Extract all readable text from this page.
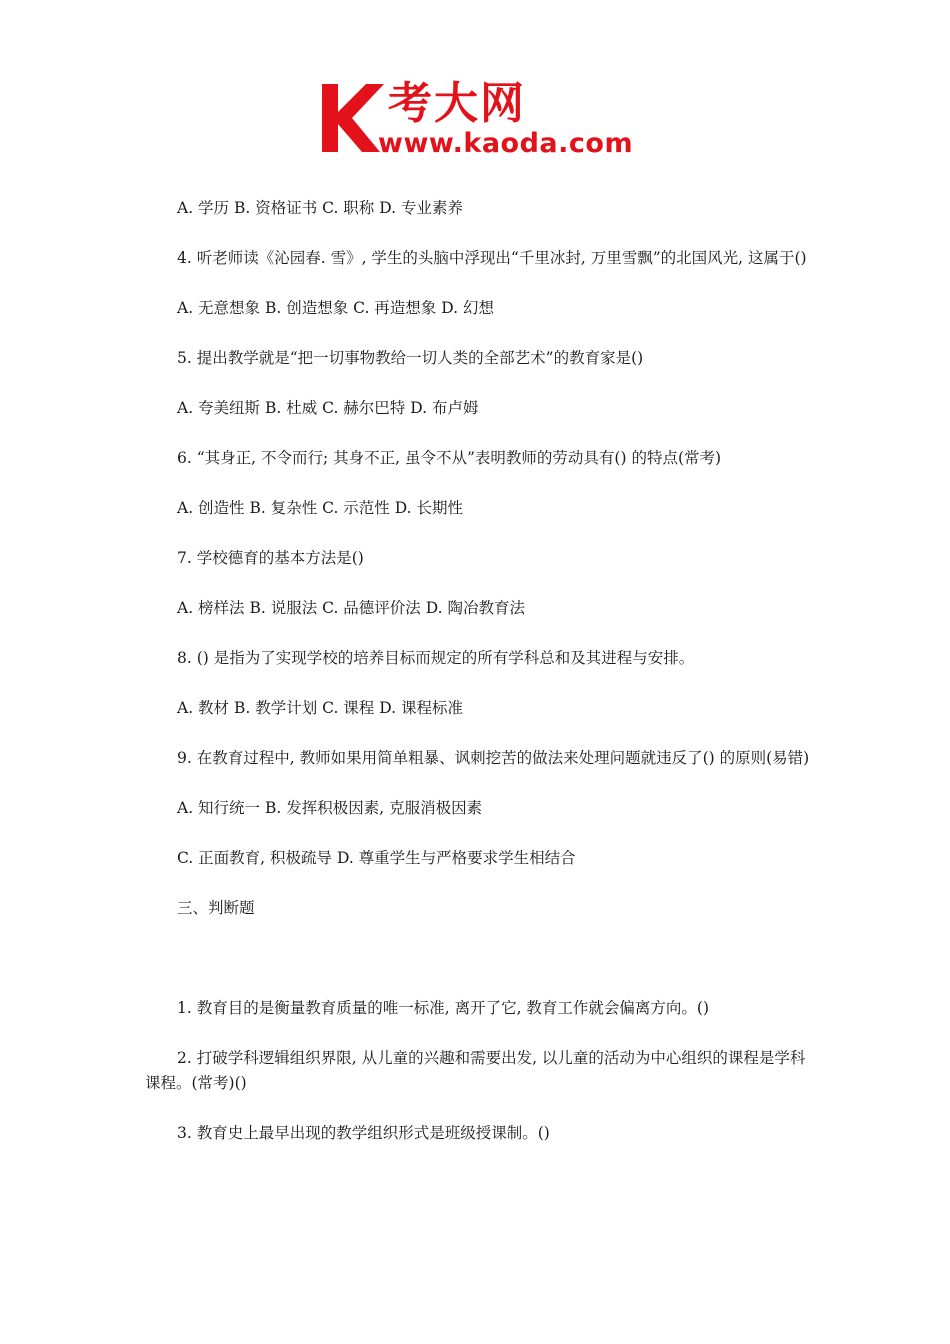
考大网
www.kaoda.com

A. 学历 B. 资格证书 C. 职称 D. 专业素养

4. 听老师读《沁园春. 雪》, 学生的头脑中浮现出“千里冰封, 万里雪飘”的北国风光, 这属于()

A. 无意想象 B. 创造想象 C. 再造想象 D. 幻想

5. 提出教学就是“把一切事物教给一切人类的全部艺术”的教育家是()

A. 夸美纽斯 B. 杜威 C. 赫尔巴特 D. 布卢姆

6. “其身正, 不令而行; 其身不正, 虽令不从”表明教师的劳动具有() 的特点(常考)

A. 创造性 B. 复杂性 C. 示范性 D. 长期性

7. 学校德育的基本方法是()

A. 榜样法 B. 说服法 C. 品德评价法 D. 陶冶教育法

8. () 是指为了实现学校的培养目标而规定的所有学科总和及其进程与安排。

A. 教材 B. 教学计划 C. 课程 D. 课程标准

9. 在教育过程中, 教师如果用简单粗暴、讽刺挖苦的做法来处理问题就违反了() 的原则(易错)

A. 知行统一 B. 发挥积极因素, 克服消极因素

C. 正面教育, 积极疏导 D. 尊重学生与严格要求学生相结合

三、判断题

1. 教育目的是衡量教育质量的唯一标准, 离开了它, 教育工作就会偏离方向。()

2. 打破学科逻辑组织界限, 从儿童的兴趣和需要出发, 以儿童的活动为中心组织的课程是学科课程。(常考)()

3. 教育史上最早出现的教学组织形式是班级授课制。()
